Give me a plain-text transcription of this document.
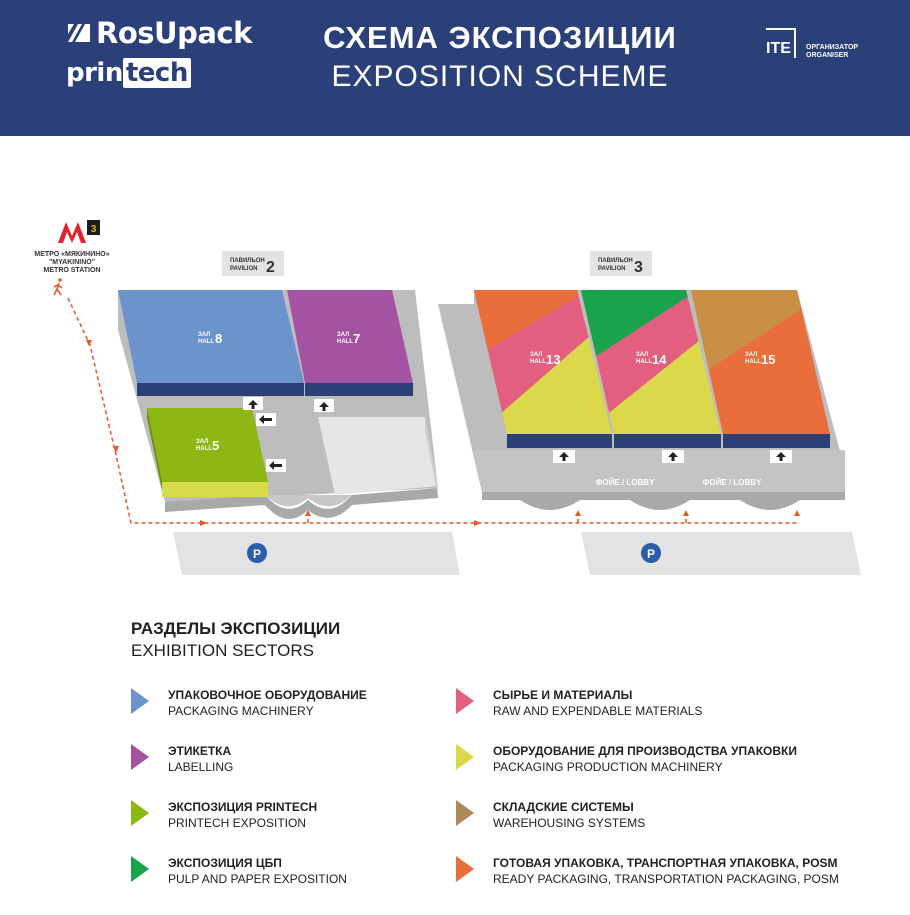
RosUpack
prin tech
СХЕМА ЭКСПОЗИЦИИ
EXPOSITION SCHEME
ITE ОРГАНИЗАТОР
ORGANISER
3
МЕТРО «МЯКИНИНО»
"MYAKININO"
METRO STATION
ПАВИЛЬОН
PAVILION 2	ПАВИЛЬОН
PAVILION 3
ЗАЛ
HALL 8	ЗАЛ
HALL 7
ЗАЛ
HALL 5
ФОЙЕ / LOBBY	ФОЙЕ / LOBBY
ЗАЛ
HALL 13	ЗАЛ
HALL 14	ЗАЛ
HALL 15
P	P
РАЗДЕЛЫ ЭКСПОЗИЦИИ
EXHIBITION SECTORS
УПАКОВОЧНОЕ ОБОРУДОВАНИЕ
PACKAGING MACHINERY
ЭТИКЕТКА
LABELLING
ЭКСПОЗИЦИЯ PRINTECH
PRINTECH EXPOSITION
ЭКСПОЗИЦИЯ ЦБП
PULP AND PAPER EXPOSITION
СЫРЬЕ И МАТЕРИАЛЫ
RAW AND EXPENDABLE MATERIALS
ОБОРУДОВАНИЕ ДЛЯ ПРОИЗВОДСТВА УПАКОВКИ
PACKAGING PRODUCTION MACHINERY
СКЛАДСКИЕ СИСТЕМЫ
WAREHOUSING SYSTEMS
ГОТОВАЯ УПАКОВКА, ТРАНСПОРТНАЯ УПАКОВКА, POSM
READY PACKAGING, TRANSPORTATION PACKAGING, POSM
